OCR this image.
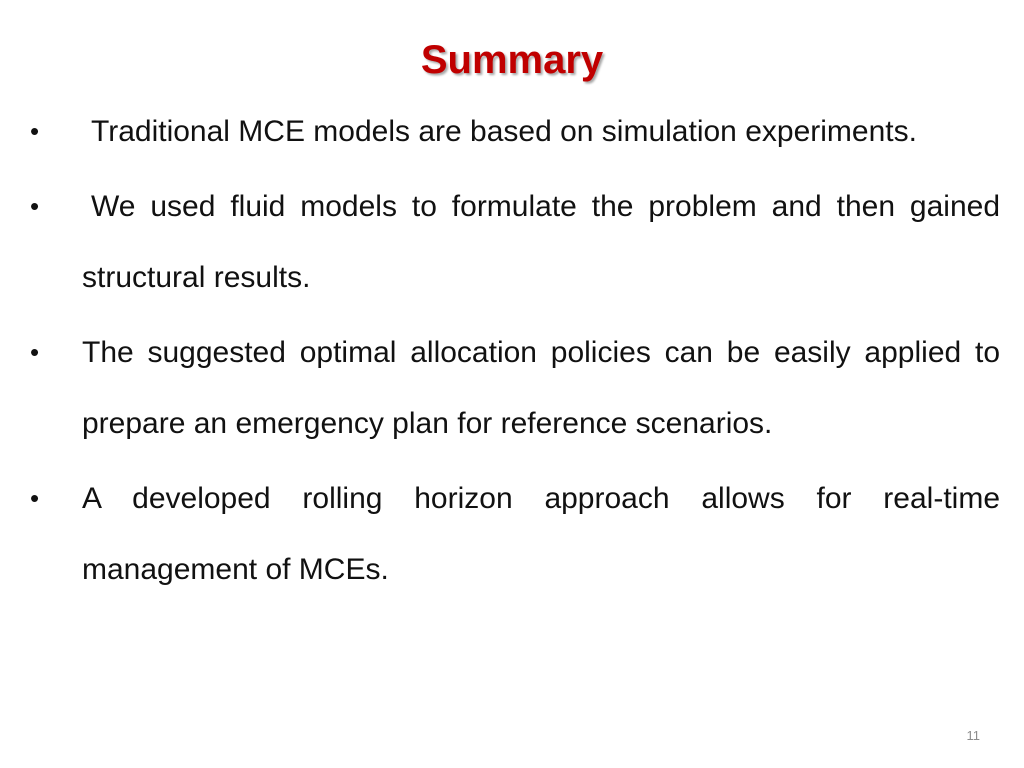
Summary
•	Traditional MCE models are based on simulation experiments.
•	We used fluid models to formulate the problem and then gained structural results.
•	The suggested optimal allocation policies can be easily applied to prepare an emergency plan for reference scenarios.
•	A developed rolling horizon approach allows for real-time management of MCEs.
11
